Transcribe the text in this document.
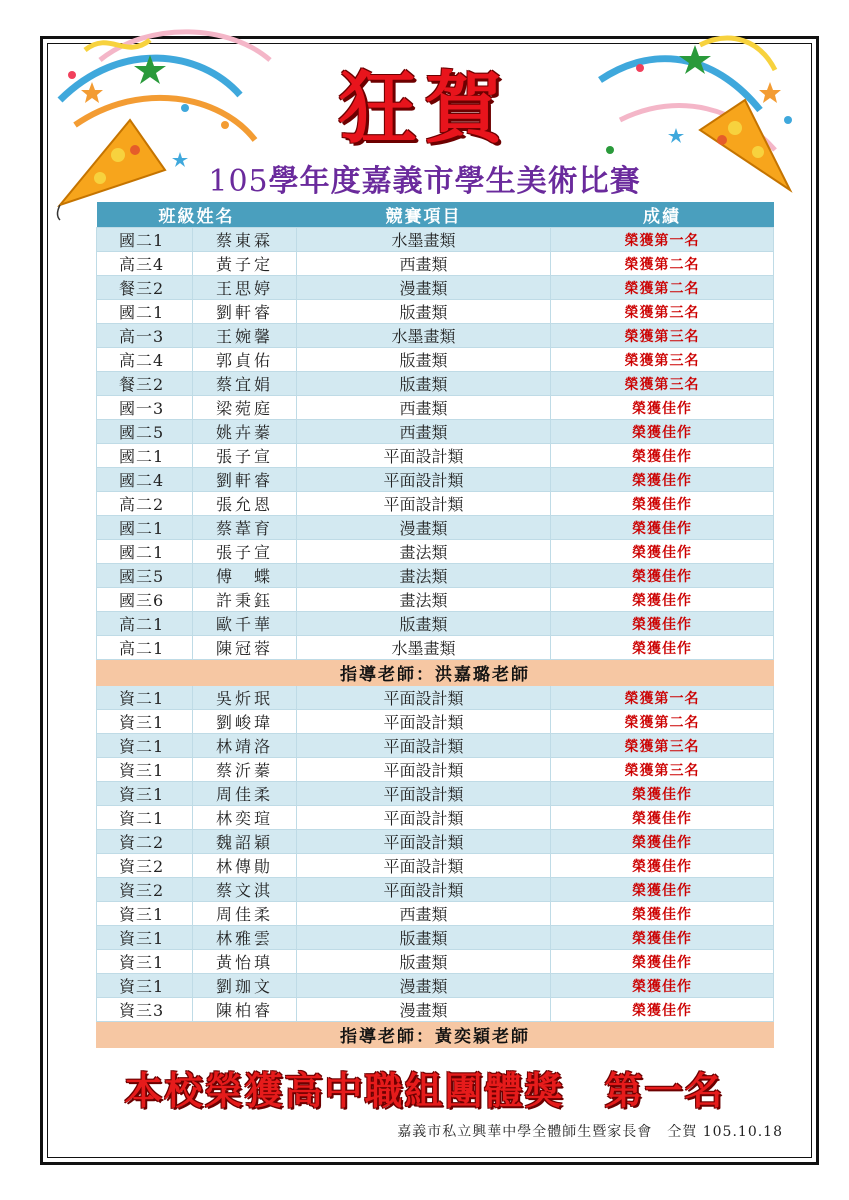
狂賀
105學年度嘉義市學生美術比賽
班級姓名		競賽項目	成績
國二1	蔡東霖	水墨畫類	榮獲第一名
高三4	黃子定	西畫類	榮獲第二名
餐三2	王思婷	漫畫類	榮獲第二名
國二1	劉軒睿	版畫類	榮獲第三名
高一3	王婉馨	水墨畫類	榮獲第三名
高二4	郭貞佑	版畫類	榮獲第三名
餐三2	蔡宜娟	版畫類	榮獲第三名
國一3	梁菀庭	西畫類	榮獲佳作
國二5	姚卉蓁	西畫類	榮獲佳作
國二1	張子宣	平面設計類	榮獲佳作
國二4	劉軒睿	平面設計類	榮獲佳作
高二2	張允恩	平面設計類	榮獲佳作
國二1	蔡葦育	漫畫類	榮獲佳作
國二1	張子宣	畫法類	榮獲佳作
國三5	傅　蝶	畫法類	榮獲佳作
國三6	許秉鈺	畫法類	榮獲佳作
高二1	歐千華	版畫類	榮獲佳作
高二1	陳冠蓉	水墨畫類	榮獲佳作
指導老師：洪嘉璐老師			
資二1	吳炘珉	平面設計類	榮獲第一名
資三1	劉峻瑋	平面設計類	榮獲第二名
資二1	林靖洛	平面設計類	榮獲第三名
資三1	蔡沂蓁	平面設計類	榮獲第三名
資三1	周佳柔	平面設計類	榮獲佳作
資二1	林奕瑄	平面設計類	榮獲佳作
資二2	魏詔穎	平面設計類	榮獲佳作
資三2	林傳勛	平面設計類	榮獲佳作
資三2	蔡文淇	平面設計類	榮獲佳作
資三1	周佳柔	西畫類	榮獲佳作
資三1	林雅雲	版畫類	榮獲佳作
資三1	黃怡瑱	版畫類	榮獲佳作
資三1	劉珈文	漫畫類	榮獲佳作
資三3	陳柏睿	漫畫類	榮獲佳作
指導老師：黃奕穎老師			
本校榮獲高中職組團體獎　第一名
嘉義市私立興華中學全體師生暨家長會　仝賀 105.10.18
